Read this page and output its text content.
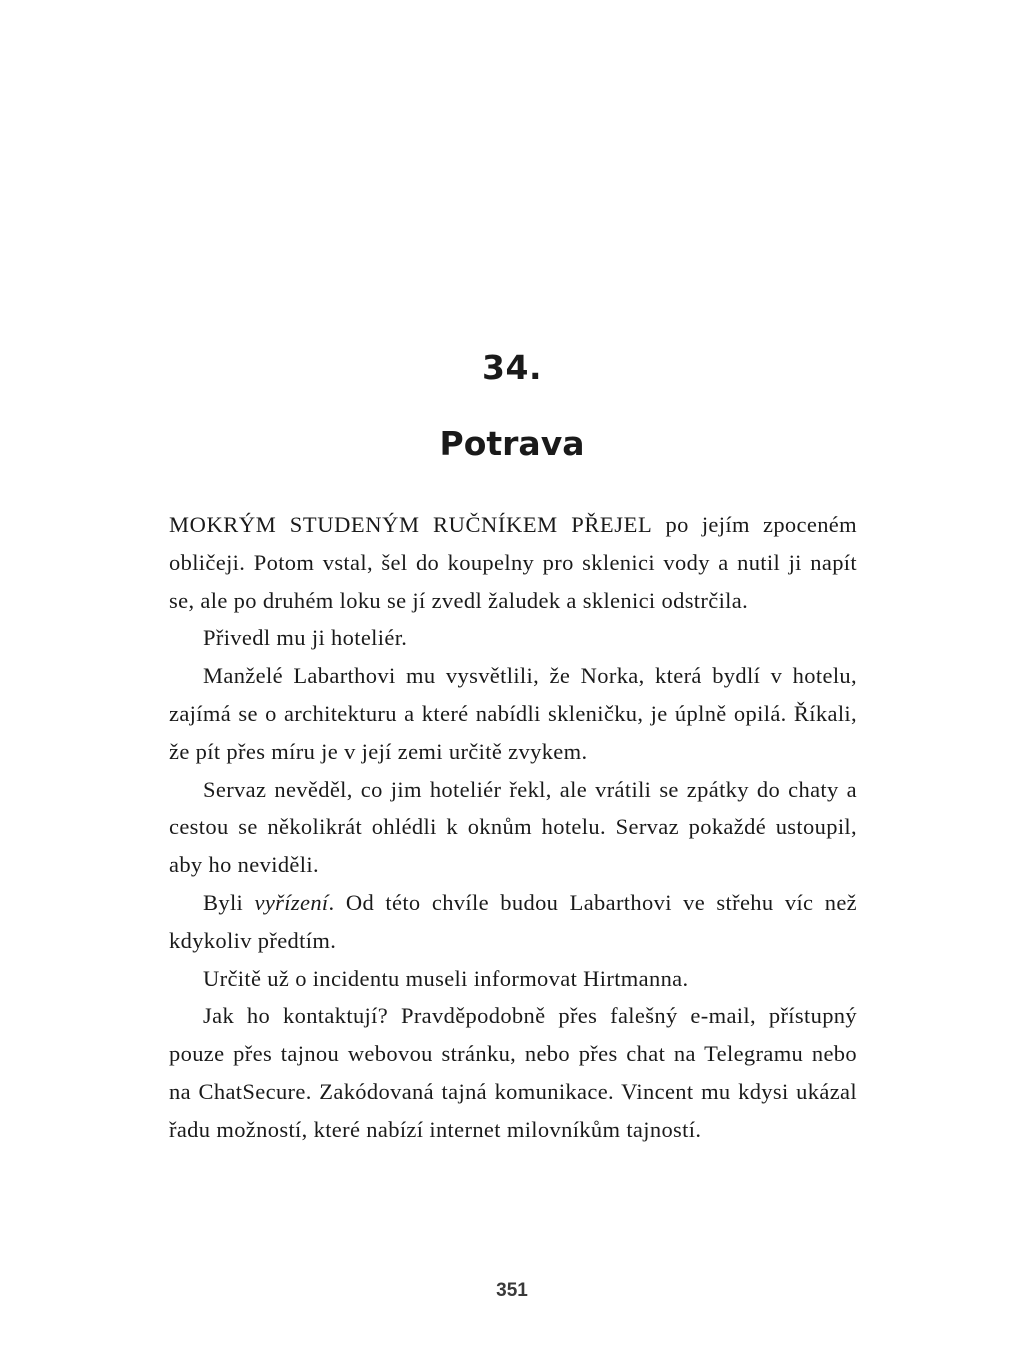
34.
Potrava

MOKRÝM STUDENÝM RUČNÍKEM PŘEJEL po jejím zpoceném obličeji. Potom vstal, šel do koupelny pro sklenici vody a nutil ji napít se, ale po druhém loku se jí zvedl žaludek a sklenici odstrčila.

Přivedl mu ji hoteliér.

Manželé Labarthovi mu vysvětlili, že Norka, která bydlí v hotelu, zajímá se o architekturu a které nabídli skleničku, je úplně opilá. Říkali, že pít přes míru je v její zemi určitě zvykem.

Servaz nevěděl, co jim hoteliér řekl, ale vrátili se zpátky do chaty a cestou se několikrát ohlédli k oknům hotelu. Servaz pokaždé ustoupil, aby ho neviděli.

Byli vyřízení. Od této chvíle budou Labarthovi ve střehu víc než kdykoliv předtím.

Určitě už o incidentu museli informovat Hirtmanna.

Jak ho kontaktují? Pravděpodobně přes falešný e-mail, přístupný pouze přes tajnou webovou stránku, nebo přes chat na Telegramu nebo na ChatSecure. Zakódovaná tajná komunikace. Vincent mu kdysi ukázal řadu možností, které nabízí internet milovníkům tajností.

351
